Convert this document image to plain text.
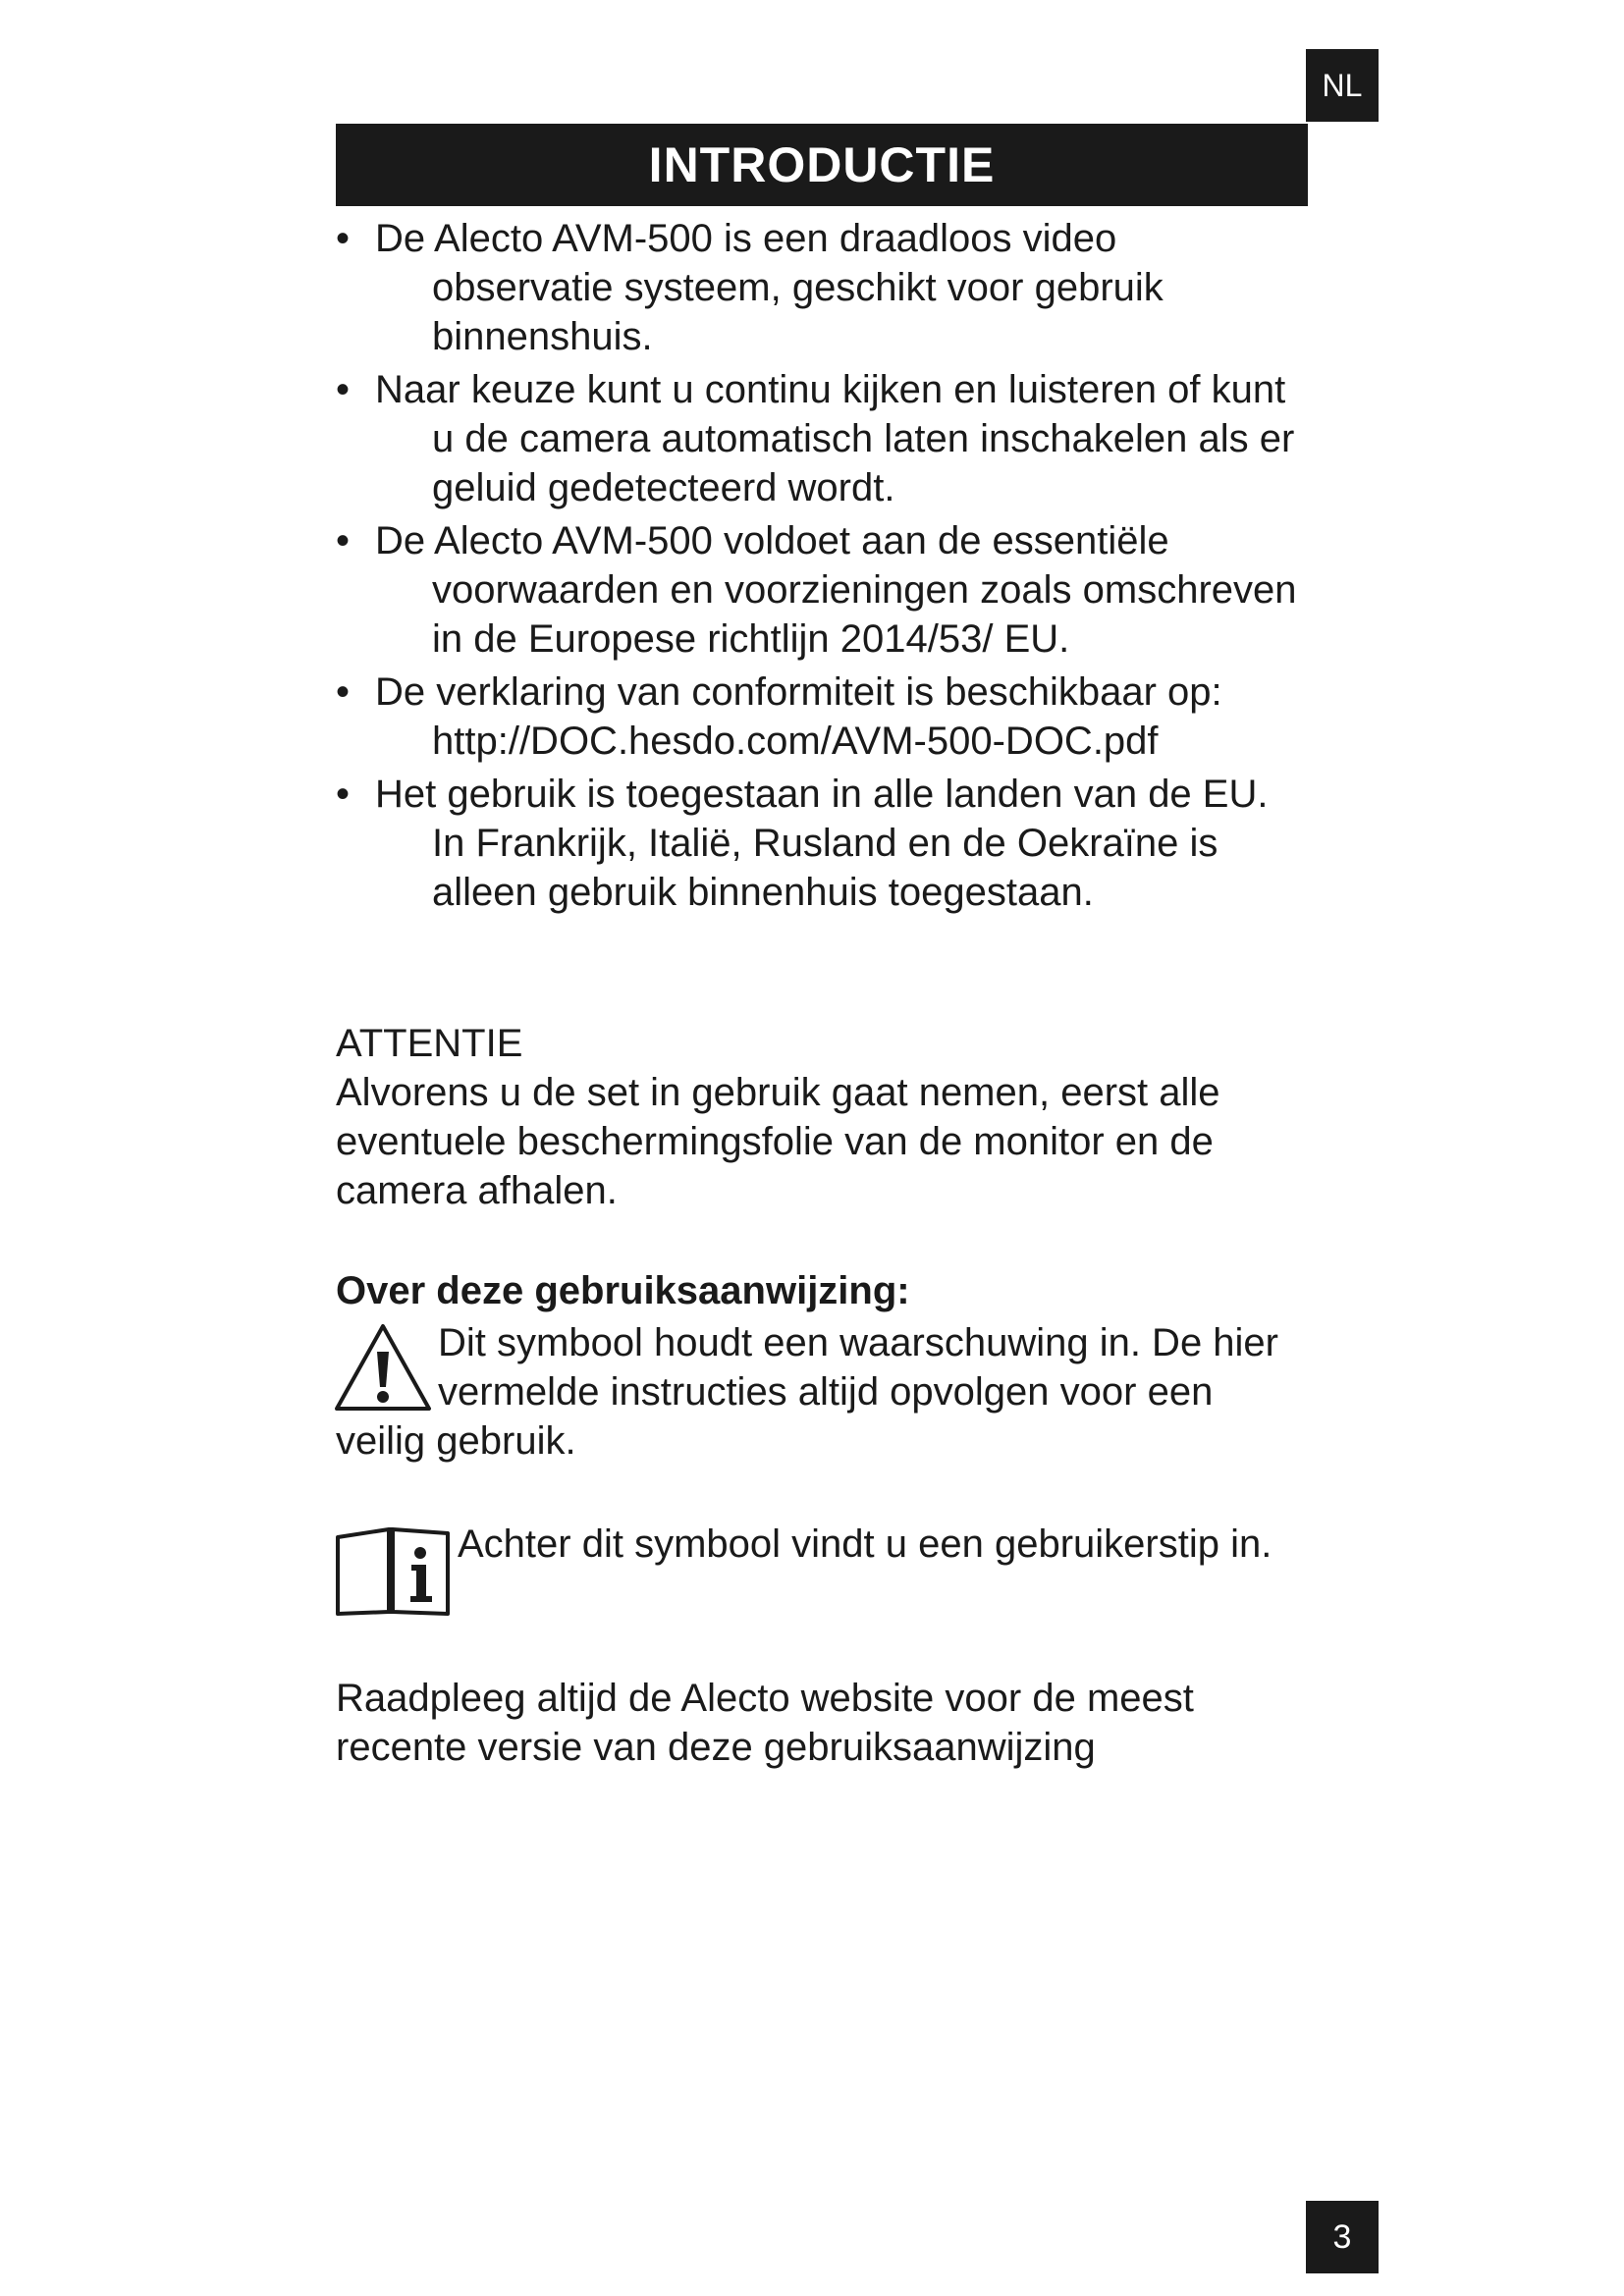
NL
INTRODUCTIE
• De Alecto AVM-500 is een draadloos video observatie systeem, geschikt voor gebruik binnenshuis.
• Naar keuze kunt u continu kijken en luisteren of kunt u de camera automatisch laten inschakelen als er geluid gedetecteerd wordt.
• De Alecto AVM-500 voldoet aan de essentiële voorwaarden en voorzieningen zoals omschreven in de Europese richtlijn 2014/53/ EU.
• De verklaring van conformiteit is beschikbaar op: http://DOC.hesdo.com/AVM-500-DOC.pdf
• Het gebruik is toegestaan in alle landen van de EU. In Frankrijk, Italië, Rusland en de Oekraïne is alleen gebruik binnenhuis toegestaan.

ATTENTIE

Alvorens u de set in gebruik gaat nemen, eerst alle eventuele beschermingsfolie van de monitor en de camera afhalen.

Over deze gebruiksaanwijzing:
Dit symbool houdt een waarschuwing in. De hier vermelde instructies altijd opvolgen voor een veilig gebruik.
Achter dit symbool vindt u een gebruikerstip in.
Raadpleeg altijd de Alecto website voor de meest recente versie van deze gebruiksaanwijzing
3
